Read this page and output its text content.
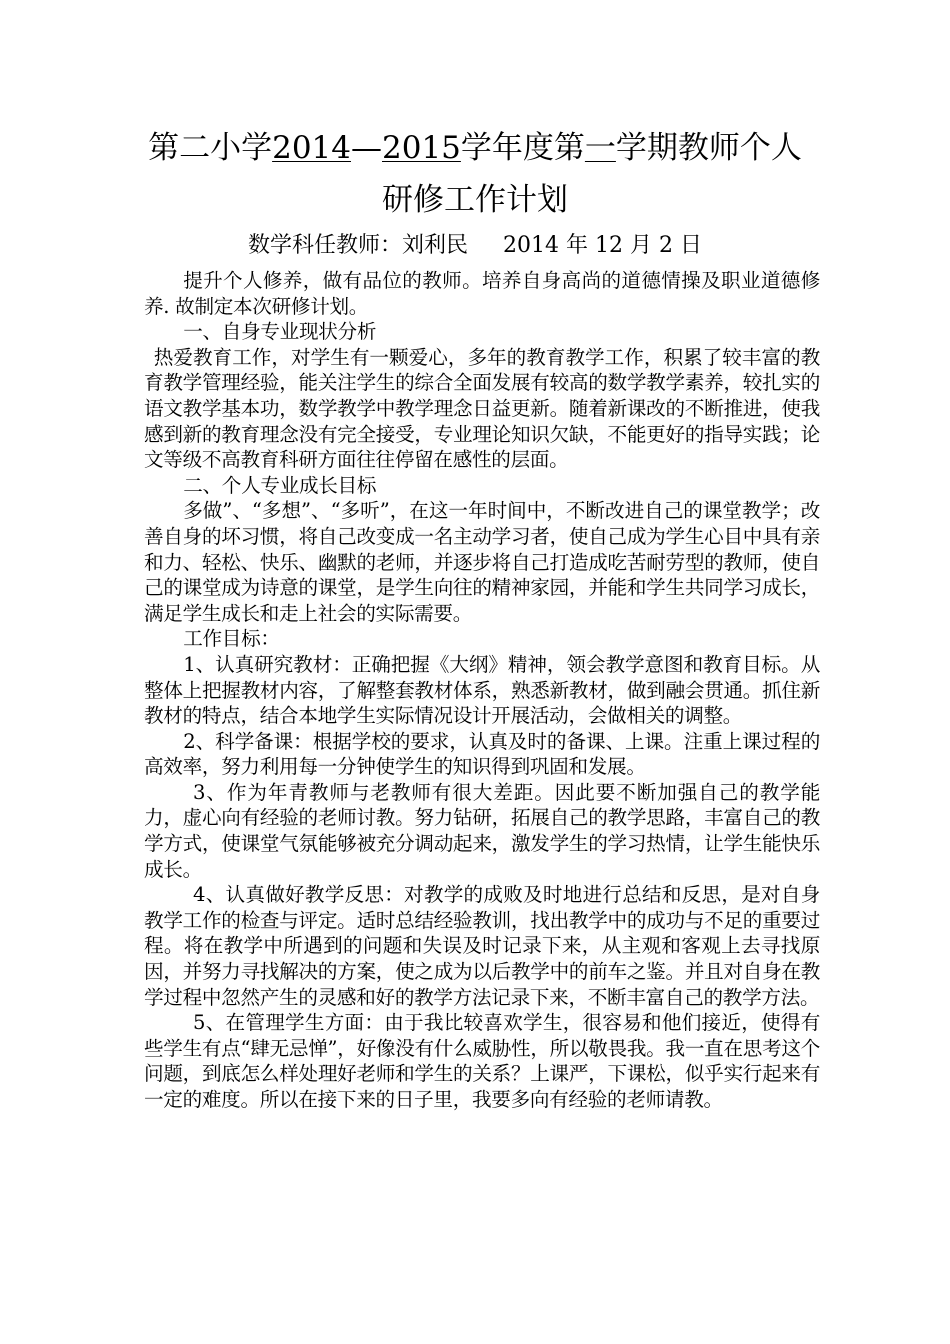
第二小学2014—2015学年度第一学期教师个人
研修工作计划
数学科任教师：刘利民     2014 年 12 月 2 日

提升个人修养，做有品位的教师。培养自身高尚的道德情操及职业道德修养. 故制定本次研修计划。

一、自身专业现状分析

热爱教育工作，对学生有一颗爱心，多年的教育教学工作，积累了较丰富的教育教学管理经验，能关注学生的综合全面发展有较高的数学教学素养，较扎实的语文教学基本功，数学教学中教学理念日益更新。随着新课改的不断推进，使我感到新的教育理念没有完全接受，专业理论知识欠缺，不能更好的指导实践；论文等级不高教育科研方面往往停留在感性的层面。

二、个人专业成长目标

多做”、“多想”、“多听”，在这一年时间中，不断改进自己的课堂教学；改善自身的坏习惯，将自己改变成一名主动学习者，使自己成为学生心目中具有亲和力、轻松、快乐、幽默的老师，并逐步将自己打造成吃苦耐劳型的教师，使自己的课堂成为诗意的课堂，是学生向往的精神家园，并能和学生共同学习成长，满足学生成长和走上社会的实际需要。

工作目标：

1、认真研究教材：正确把握《大纲》精神，领会教学意图和教育目标。从整体上把握教材内容，了解整套教材体系，熟悉新教材，做到融会贯通。抓住新教材的特点，结合本地学生实际情况设计开展活动，会做相关的调整。

2、科学备课：根据学校的要求，认真及时的备课、上课。注重上课过程的高效率，努力利用每一分钟使学生的知识得到巩固和发展。

3、作为年青教师与老教师有很大差距。因此要不断加强自己的教学能力，虚心向有经验的老师讨教。努力钻研，拓展自己的教学思路，丰富自己的教学方式，使课堂气氛能够被充分调动起来，激发学生的学习热情，让学生能快乐成长。

4、认真做好教学反思：对教学的成败及时地进行总结和反思，是对自身教学工作的检查与评定。适时总结经验教训，找出教学中的成功与不足的重要过程。将在教学中所遇到的问题和失误及时记录下来，从主观和客观上去寻找原因，并努力寻找解决的方案，使之成为以后教学中的前车之鉴。并且对自身在教学过程中忽然产生的灵感和好的教学方法记录下来，不断丰富自己的教学方法。

5、在管理学生方面：由于我比较喜欢学生，很容易和他们接近，使得有些学生有点“肆无忌惮”，好像没有什么威胁性，所以敬畏我。我一直在思考这个问题，到底怎么样处理好老师和学生的关系？上课严，下课松，似乎实行起来有一定的难度。所以在接下来的日子里，我要多向有经验的老师请教。
